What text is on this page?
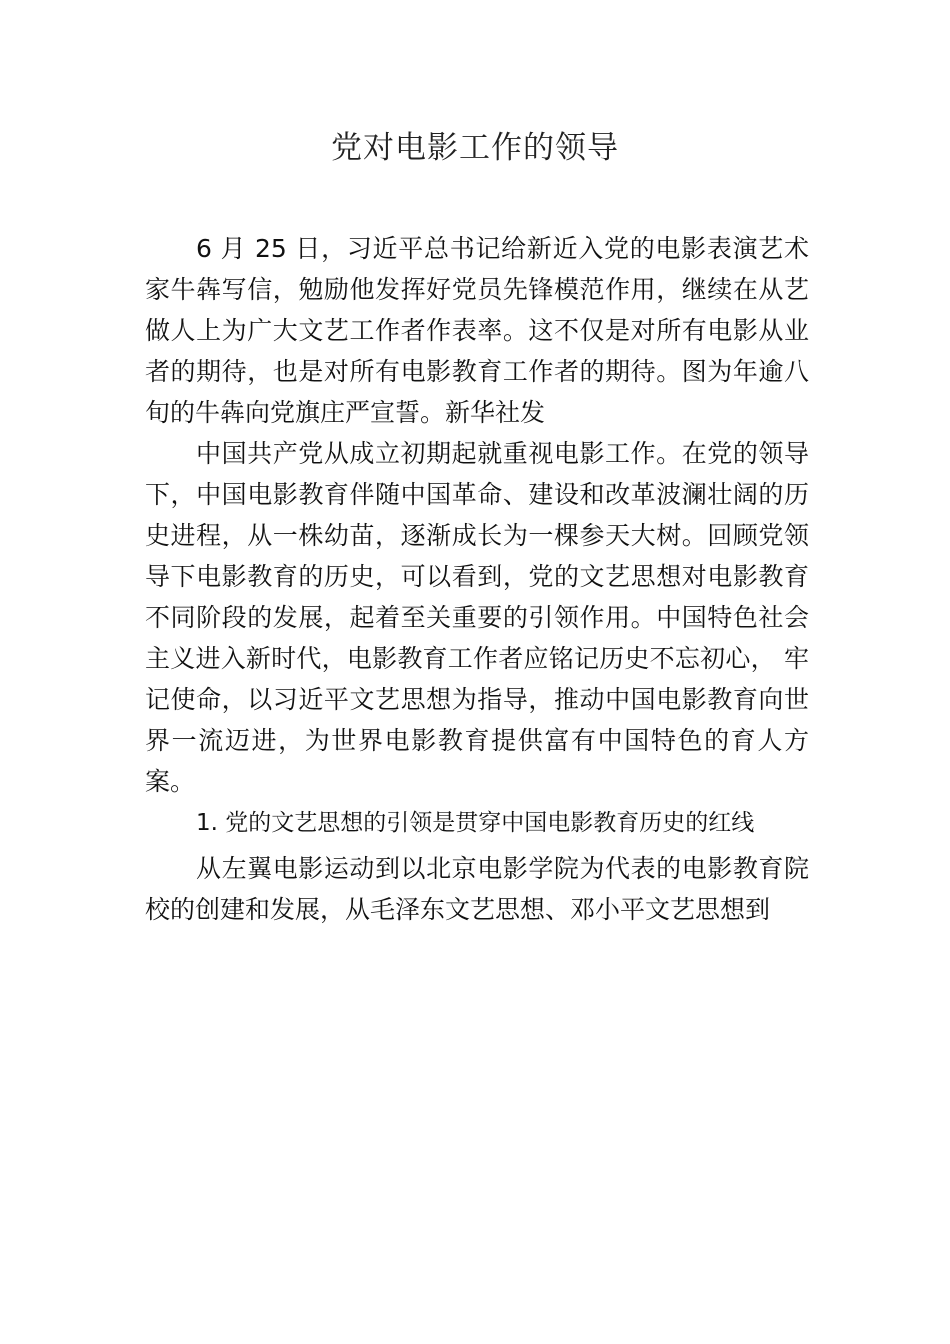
党对电影工作的领导

6 月 25 日，习近平总书记给新近入党的电影表演艺术家牛犇写信，勉励他发挥好党员先锋模范作用，继续在从艺做人上为广大文艺工作者作表率。这不仅是对所有电影从业者的期待，也是对所有电影教育工作者的期待。图为年逾八旬的牛犇向党旗庄严宣誓。新华社发

中国共产党从成立初期起就重视电影工作。在党的领导下，中国电影教育伴随中国革命、建设和改革波澜壮阔的历史进程，从一株幼苗，逐渐成长为一棵参天大树。回顾党领导下电影教育的历史，可以看到，党的文艺思想对电影教育不同阶段的发展，起着至关重要的引领作用。中国特色社会主义进入新时代，电影教育工作者应铭记历史不忘初心， 牢记使命，以习近平文艺思想为指导，推动中国电影教育向世界一流迈进，为世界电影教育提供富有中国特色的育人方案。

1. 党的文艺思想的引领是贯穿中国电影教育历史的红线

从左翼电影运动到以北京电影学院为代表的电影教育院校的创建和发展，从毛泽东文艺思想、邓小平文艺思想到
